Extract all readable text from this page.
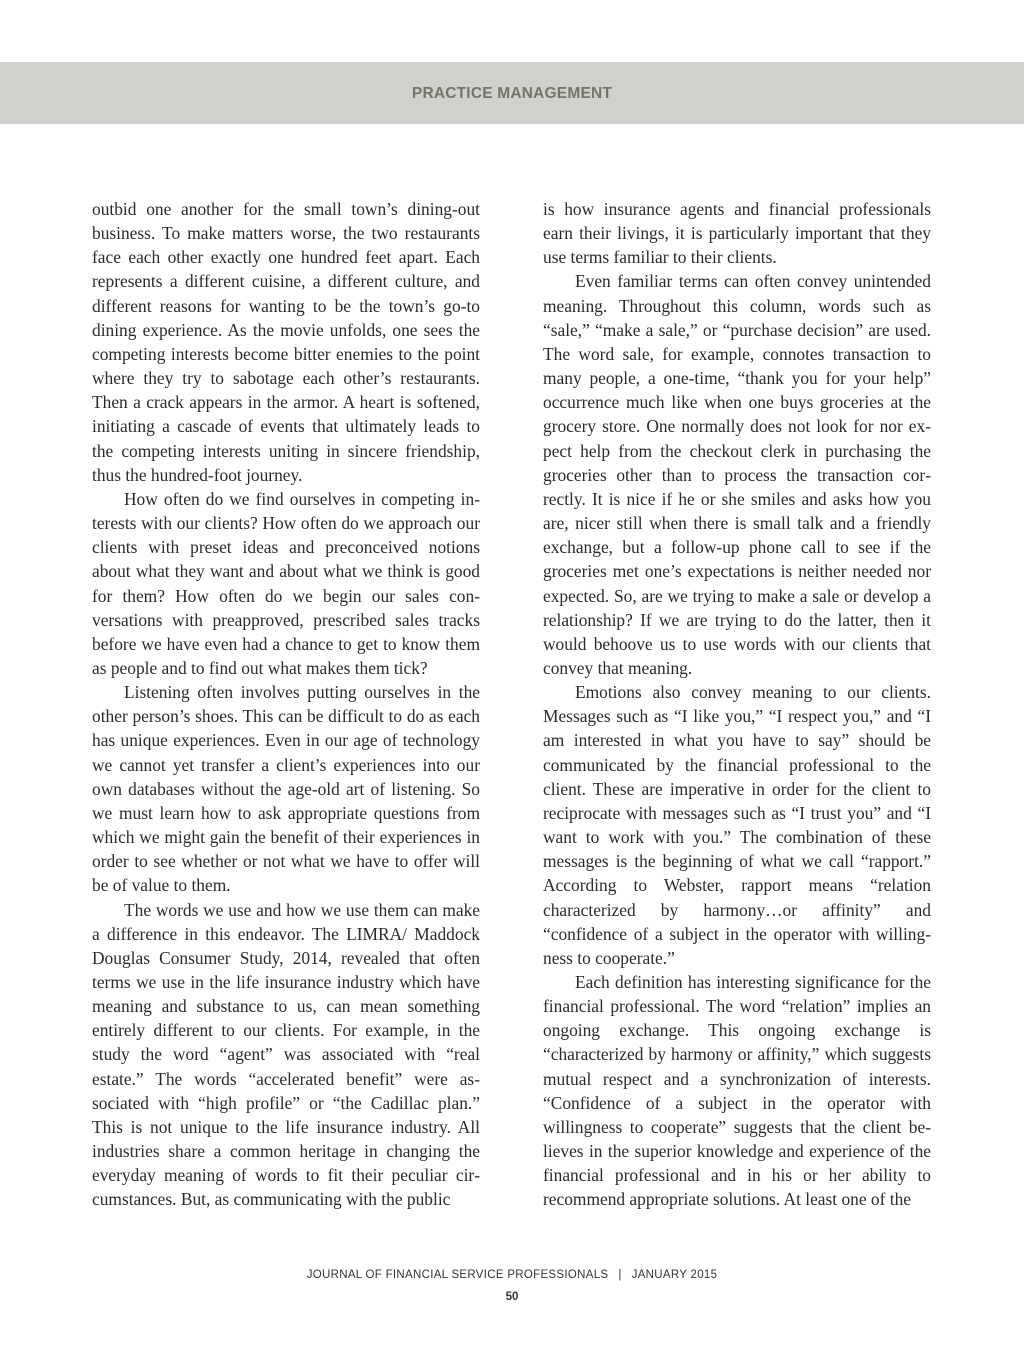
PRACTICE MANAGEMENT

outbid one another for the small town’s dining-out business. To make matters worse, the two restaurants face each other exactly one hundred feet apart. Each represents a different cuisine, a different culture, and different reasons for wanting to be the town’s go-to dining experience. As the movie unfolds, one sees the competing interests become bitter enemies to the point where they try to sabotage each other’s restaurants. Then a crack appears in the armor. A heart is softened, initiating a cascade of events that ultimately leads to the competing interests uniting in sincere friendship, thus the hundred-foot journey.

How often do we find ourselves in competing interests with our clients? How often do we approach our clients with preset ideas and preconceived notions about what they want and about what we think is good for them? How often do we begin our sales conversations with preapproved, prescribed sales tracks before we have even had a chance to get to know them as people and to find out what makes them tick?

Listening often involves putting ourselves in the other person’s shoes. This can be difficult to do as each has unique experiences. Even in our age of technology we cannot yet transfer a client’s experiences into our own databases without the age-old art of listening. So we must learn how to ask appropriate questions from which we might gain the benefit of their experiences in order to see whether or not what we have to offer will be of value to them.

The words we use and how we use them can make a difference in this endeavor. The LIMRA/ Maddock Douglas Consumer Study, 2014, revealed that often terms we use in the life insurance industry which have meaning and substance to us, can mean something entirely different to our clients. For example, in the study the word “agent” was associated with “real estate.” The words “accelerated benefit” were associated with “high profile” or “the Cadillac plan.” This is not unique to the life insurance industry. All industries share a common heritage in changing the everyday meaning of words to fit their peculiar circumstances. But, as communicating with the public

is how insurance agents and financial professionals earn their livings, it is particularly important that they use terms familiar to their clients.

Even familiar terms can often convey unintended meaning. Throughout this column, words such as “sale,” “make a sale,” or “purchase decision” are used. The word sale, for example, connotes transaction to many people, a one-time, “thank you for your help” occurrence much like when one buys groceries at the grocery store. One normally does not look for nor expect help from the checkout clerk in purchasing the groceries other than to process the transaction correctly. It is nice if he or she smiles and asks how you are, nicer still when there is small talk and a friendly exchange, but a follow-up phone call to see if the groceries met one’s expectations is neither needed nor expected. So, are we trying to make a sale or develop a relationship? If we are trying to do the latter, then it would behoove us to use words with our clients that convey that meaning.

Emotions also convey meaning to our clients. Messages such as “I like you,” “I respect you,” and “I am interested in what you have to say” should be communicated by the financial professional to the client. These are imperative in order for the client to reciprocate with messages such as “I trust you” and “I want to work with you.” The combination of these messages is the beginning of what we call “rapport.” According to Webster, rapport means “relation characterized by harmony…or affinity” and “confidence of a subject in the operator with willingness to cooperate.”

Each definition has interesting significance for the financial professional. The word “relation” implies an ongoing exchange. This ongoing exchange is “characterized by harmony or affinity,” which suggests mutual respect and a synchronization of interests. “Confidence of a subject in the operator with willingness to cooperate” suggests that the client believes in the superior knowledge and experience of the financial professional and in his or her ability to recommend appropriate solutions. At least one of the

JOURNAL OF FINANCIAL SERVICE PROFESSIONALS | JANUARY 2015
50
